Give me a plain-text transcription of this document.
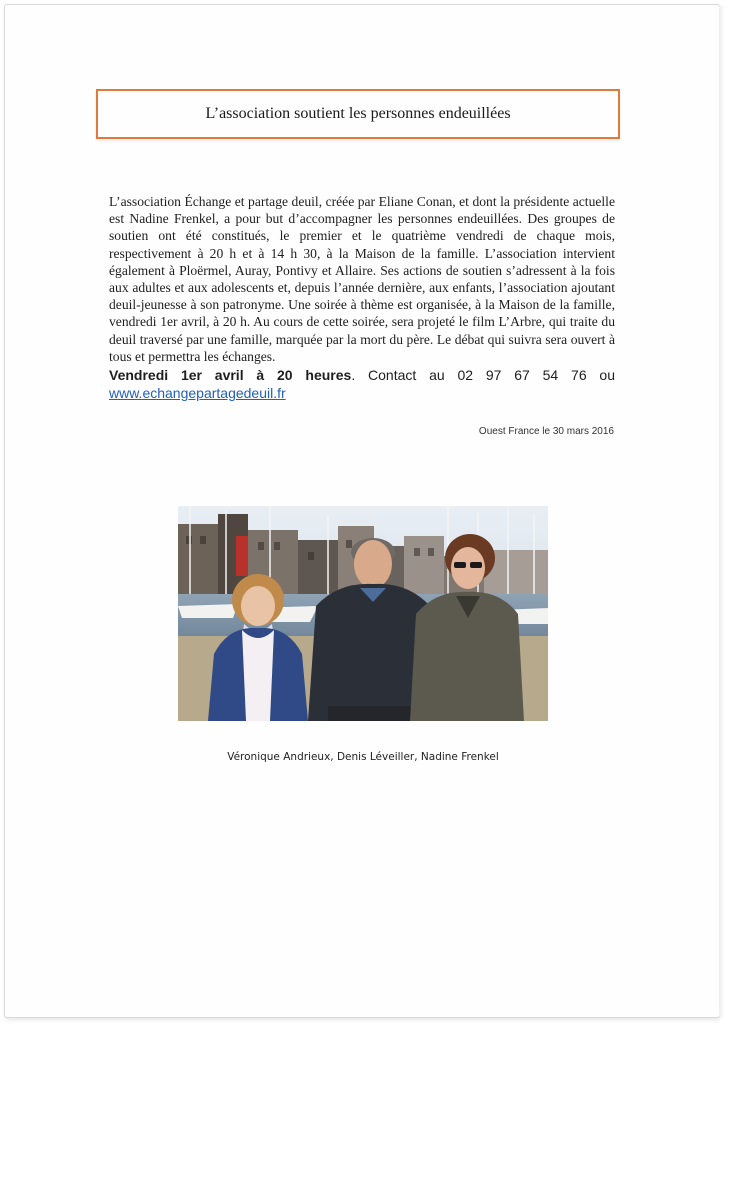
L’association soutient les personnes endeuillées

L’association Échange et partage deuil, créée par Eliane Conan, et dont la présidente actuelle est Nadine Frenkel, a pour but d’accompagner les personnes endeuillées. Des groupes de soutien ont été constitués, le premier et le quatrième vendredi de chaque mois, respectivement à 20 h et à 14 h 30, à la Maison de la famille. L’association intervient également à Ploërmel, Auray, Pontivy et Allaire. Ses actions de soutien s’adressent à la fois aux adultes et aux adolescents et, depuis l’année dernière, aux enfants, l’association ajoutant deuil-jeunesse à son patronyme. Une soirée à thème est organisée, à la Maison de la famille, vendredi 1er avril, à 20 h. Au cours de cette soirée, sera projeté le film L’Arbre, qui traite du deuil traversé par une famille, marquée par la mort du père. Le débat qui suivra sera ouvert à tous et permettra les échanges.

Vendredi 1er avril à 20 heures. Contact au 02 97 67 54 76 ou
www.echangepartagedeuil.fr
Ouest France le 30 mars 2016
Véronique Andrieux, Denis Léveiller, Nadine Frenkel
